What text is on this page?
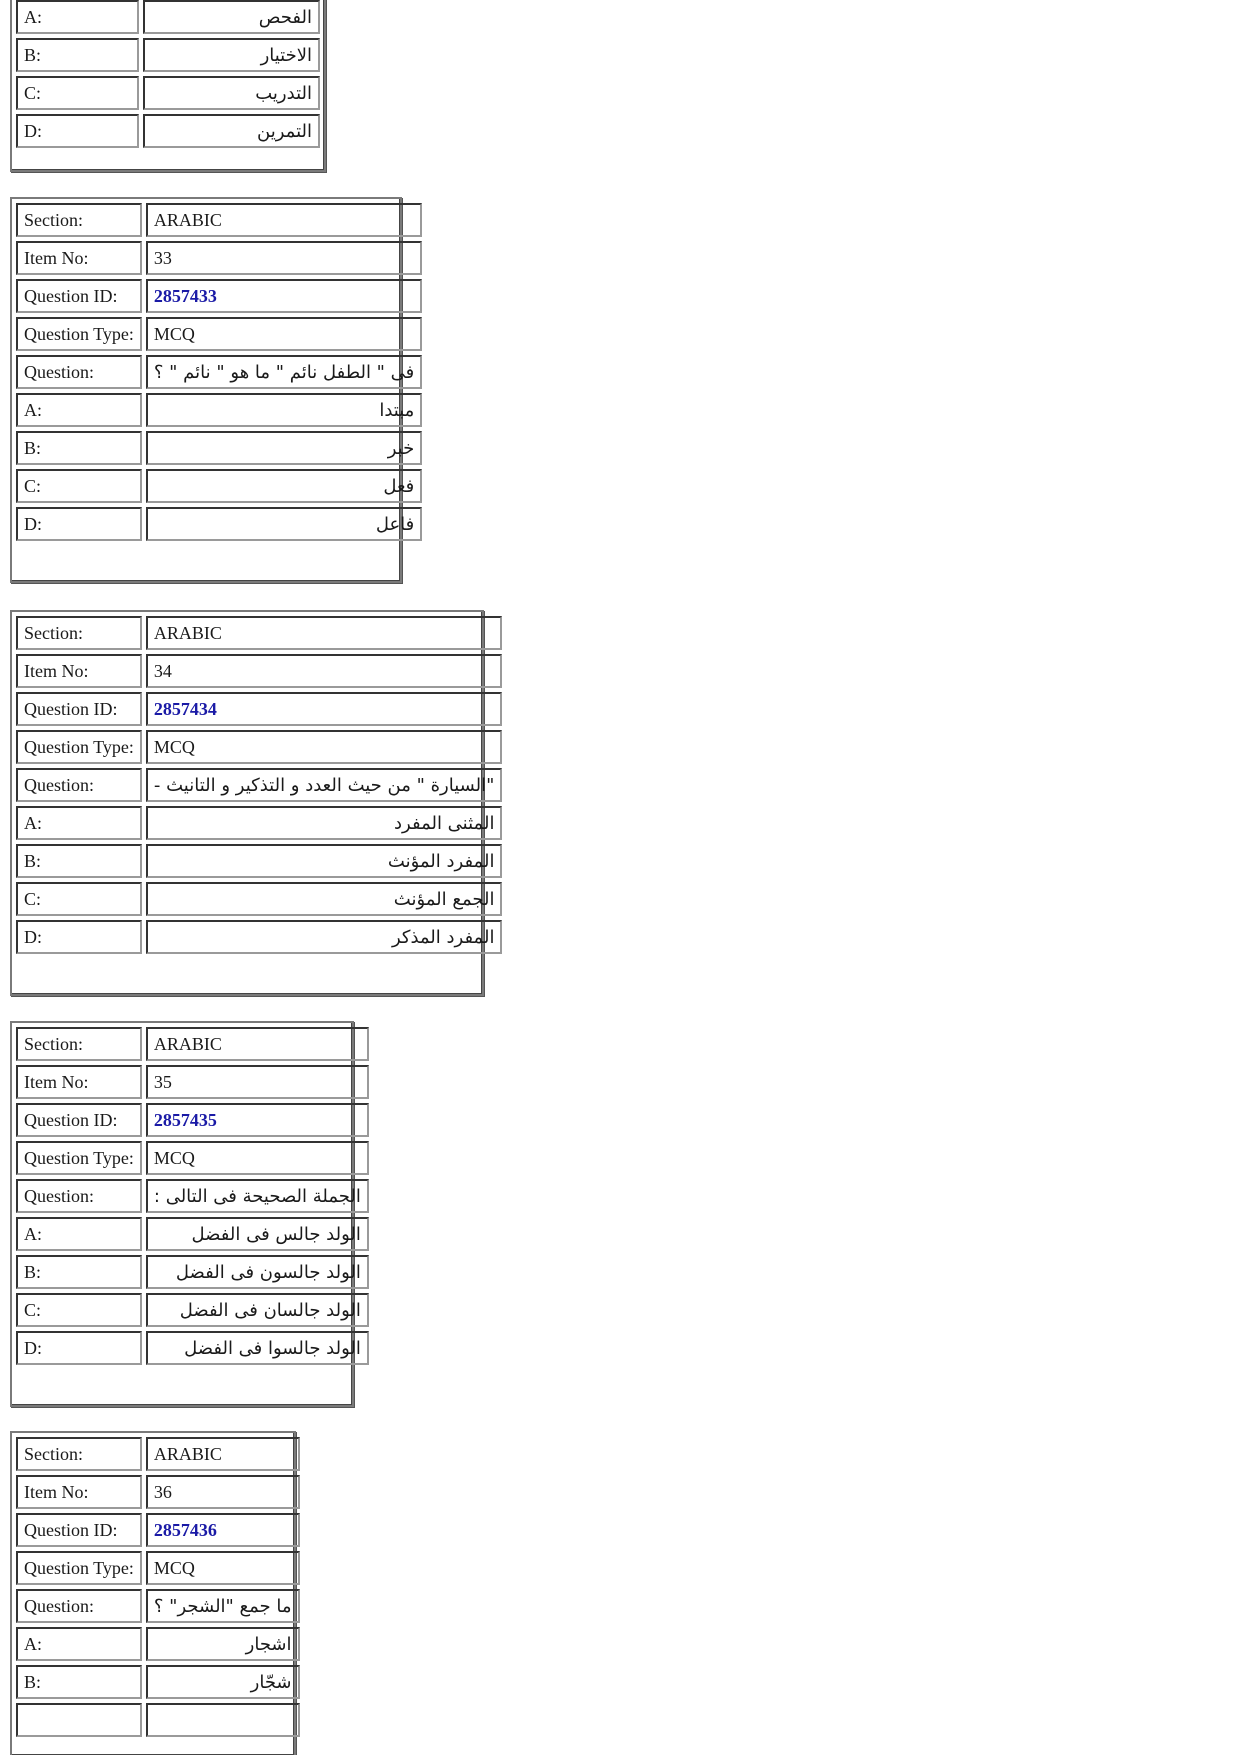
A:	الفحص
B:	الاختيار
C:	التدريب
D:	التمرين
Section:	ARABIC
Item No:	33
Question ID:	2857433
Question Type:	MCQ
Question:	فى " الطفل نائم " ما هو " نائم " ؟
A:	مبتدا
B:	خبر
C:	فعل
D:	فاعل
Section:	ARABIC
Item No:	34
Question ID:	2857434
Question Type:	MCQ
Question:	"السيارة " من حيث العدد و التذكير و التانيث -
A:	المثنى المفرد
B:	المفرد المؤنث
C:	الجمع المؤنث
D:	المفرد المذكر
Section:	ARABIC
Item No:	35
Question ID:	2857435
Question Type:	MCQ
Question:	الجملة الصحيحة فى التالى :
A:	الولد جالس فى الفضل
B:	الولد جالسون فى الفضل
C:	الولد جالسان فى الفضل
D:	الولد جالسوا فى الفضل
Section:	ARABIC
Item No:	36
Question ID:	2857436
Question Type:	MCQ
Question:	ما جمع "الشجر" ؟
A:	اشجار
B:	شجّار
